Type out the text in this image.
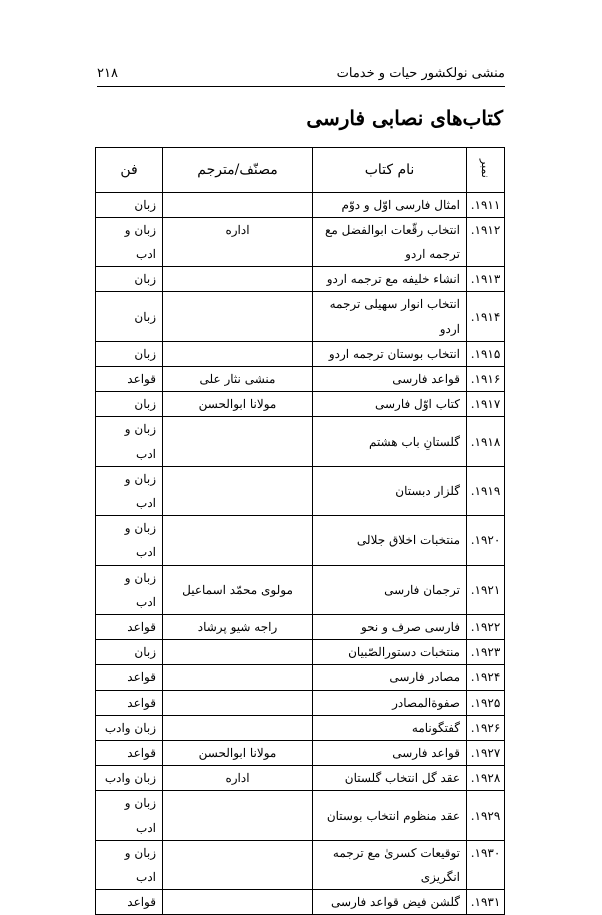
منشی نولکشور حیات و خدمات
۲۱۸
کتاب‌های نصابی فارسی
نمبر	نام کتاب	مصنّف/مترجم	فن
۱۹۱۱.	امثال فارسی اوّل و دوّم		زبان
۱۹۱۲.	انتخاب رقّعات ابوالفضل مع ترجمه اردو	اداره	زبان و ادب
۱۹۱۳.	انشاء خلیفه مع ترجمه اردو		زبان
۱۹۱۴.	انتخاب انوار سهیلی ترجمه اردو		زبان
۱۹۱۵.	انتخاب بوستان ترجمه اردو		زبان
۱۹۱۶.	قواعد فارسی	منشی نثار علی	قواعد
۱۹۱۷.	کتاب اوّل فارسی	مولانا ابوالحسن	زبان
۱۹۱۸.	گلستانِ باب هشتم		زبان و ادب
۱۹۱۹.	گلزار دبستان		زبان و ادب
۱۹۲۰.	منتخبات اخلاق جلالی		زبان و ادب
۱۹۲۱.	ترجمان فارسی	مولوی محمّد اسماعیل	زبان و ادب
۱۹۲۲.	فارسی صرف و نحو	راجه شیو پرشاد	قواعد
۱۹۲۳.	منتخبات دستورالصّبیان		زبان
۱۹۲۴.	مصادر فارسی		قواعد
۱۹۲۵.	صفوةالمصادر		قواعد
۱۹۲۶.	گفتگونامه		زبان وادب
۱۹۲۷.	قواعد فارسی	مولانا ابوالحسن	قواعد
۱۹۲۸.	عقد گل انتخاب گلستان	اداره	زبان وادب
۱۹۲۹.	عقد منظوم انتخاب بوستان		زبان و ادب
۱۹۳۰.	توقیعات کسریٰ مع ترجمه انگریزی		زبان و ادب
۱۹۳۱.	گلشن فیض قواعد فارسی		قواعد
